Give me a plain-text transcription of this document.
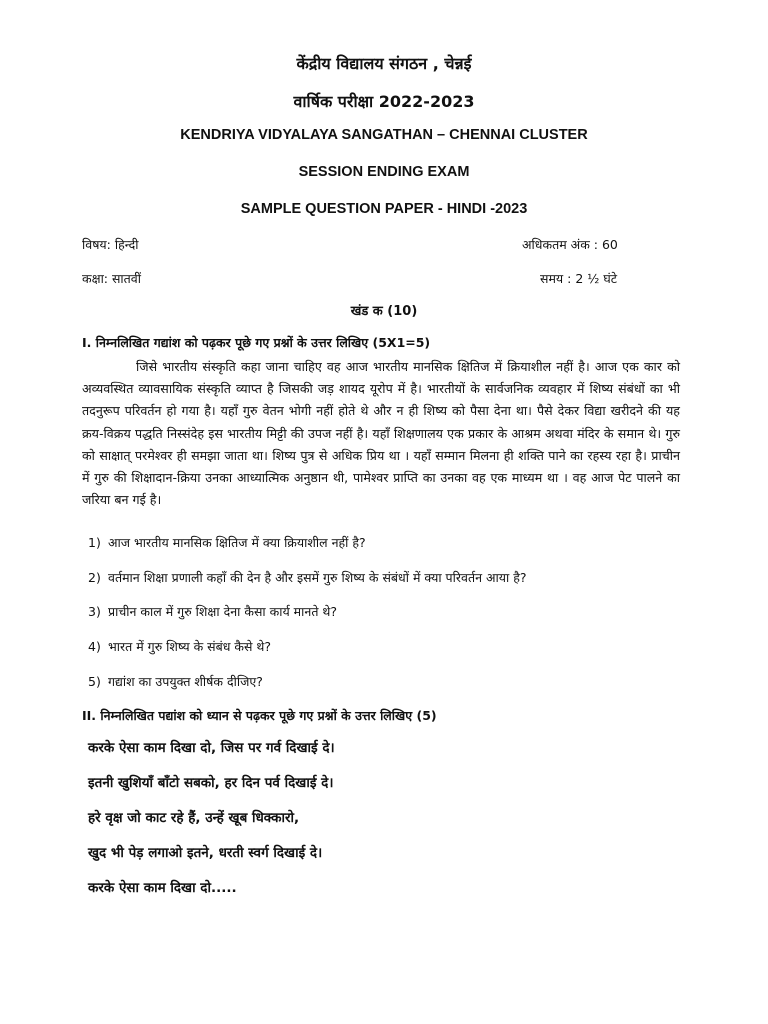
केंद्रीय विद्यालय संगठन , चेन्नई
वार्षिक परीक्षा 2022-2023
KENDRIYA VIDYALAYA SANGATHAN – CHENNAI CLUSTER
SESSION ENDING EXAM
SAMPLE QUESTION PAPER - HINDI -2023
विषय: हिन्दी	अधिकतम अंक : 60
कक्षा: सातवीं	समय : 2 ½ घंटे
खंड क (10)
I. निम्नलिखित गद्यांश को पढ़कर पूछे गए प्रश्नों के उत्तर लिखिए (5X1=5)

जिसे भारतीय संस्कृति कहा जाना चाहिए वह आज भारतीय मानसिक क्षितिज में क्रियाशील नहीं है। आज एक कार को अव्यवस्थित व्यावसायिक संस्कृति व्याप्त है जिसकी जड़ शायद यूरोप में है। भारतीयों के सार्वजनिक व्यवहार में शिष्य संबंधों का भी तदनुरूप परिवर्तन हो गया है। यहाँ गुरु वेतन भोगी नहीं होते थे और न ही शिष्य को पैसा देना था। पैसे देकर विद्या खरीदने की यह क्रय-विक्रय पद्धति निस्संदेह इस भारतीय मिट्टी की उपज नहीं है। यहाँ शिक्षणालय एक प्रकार के आश्रम अथवा मंदिर के समान थे। गुरु को साक्षात् परमेश्वर ही समझा जाता था। शिष्य पुत्र से अधिक प्रिय था । यहाँ सम्मान मिलना ही शक्ति पाने का रहस्य रहा है। प्राचीन में गुरु की शिक्षादान-क्रिया उनका आध्यात्मिक अनुष्ठान थी, पामेश्वर प्राप्ति का उनका वह एक माध्यम था । वह आज पेट पालने का जरिया बन गई है।

1) आज भारतीय मानसिक क्षितिज में क्या क्रियाशील नहीं है?
2) वर्तमान शिक्षा प्रणाली कहाँ की देन है और इसमें गुरु शिष्य के संबंधों में क्या परिवर्तन आया है?
3) प्राचीन काल में गुरु शिक्षा देना कैसा कार्य मानते थे?
4) भारत में गुरु शिष्य के संबंध कैसे थे?
5) गद्यांश का उपयुक्त शीर्षक दीजिए?
II. निम्नलिखित पद्यांश को ध्यान से पढ़कर पूछे गए प्रश्नों के उत्तर लिखिए (5)
करके ऐसा काम दिखा दो, जिस पर गर्व दिखाई दे।
इतनी खुशियाँ बाँटो सबको, हर दिन पर्व दिखाई दे।
हरे वृक्ष जो काट रहे हैं, उन्हें खूब धिक्कारो,
खुद भी पेड़ लगाओ इतने, धरती स्वर्ग दिखाई दे।
करके ऐसा काम दिखा दो.....
